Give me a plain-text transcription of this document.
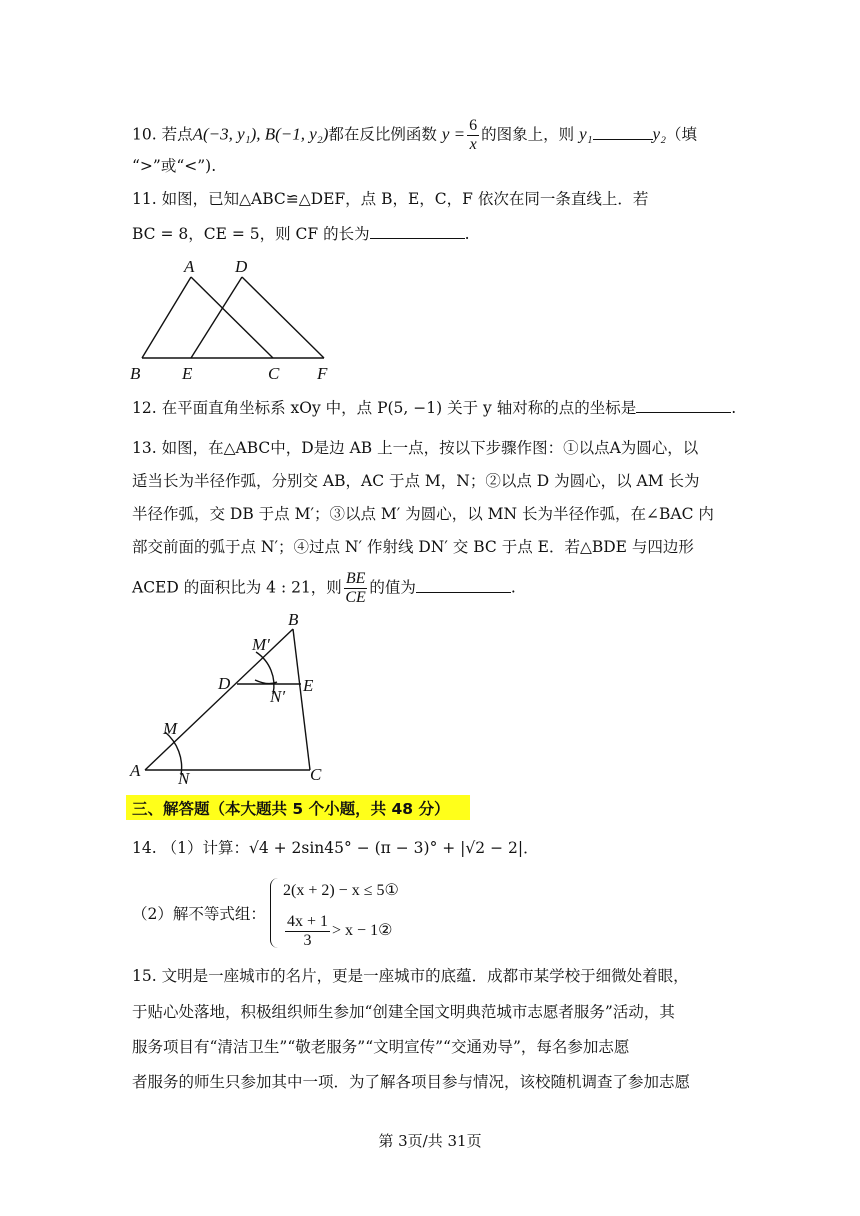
10. 若点A(−3, y₁), B(−1, y₂)都在反比例函数 $y = \frac{6}{x}$ 的图象上，则 y₁	y₂（填
“>”或“<”).
11. 如图，已知△ABC≌△DEF，点 B，E，C，F 依次在同一条直线上．若
BC = 8，CE = 5，则 CF 的长为	.
A D
B E	C F
12. 在平面直角坐标系 xOy 中，点 P(5, −1) 关于 y 轴对称的点的坐标是	.
13. 如图，在△ABC中，D是边 AB 上一点，按以下步骤作图：①以点A为圆心，以
适当长为半径作弧，分别交 AB，AC 于点 M，N；②以点 D 为圆心，以 AM 长为
半径作弧，交 DB 于点 M′；③以点 M′ 为圆心，以 MN 长为半径作弧，在∠BAC 内
部交前面的弧于点 N′；④过点 N′ 作射线 DN′ 交 BC 于点 E．若△BDE 与四边形
ACED 的面积比为 4 : 21，则 $\frac{BE}{CE}$ 的值为	.
B
M′
D
N′
E
M
A N	C
三、解答题（本大题共 5 个小题，共 48 分）
14. （1）计算：√4 + 2sin45° − (π − 3)° + |√2 − 2|．
（2）解不等式组：
2(x + 2) − x ≤ 5①
$\frac{4x + 1}{3} > x$ − 1②
15. 文明是一座城市的名片，更是一座城市的底蕴．成都市某学校于细微处着眼，
于贴心处落地，积极组织师生参加“创建全国文明典范城市志愿者服务”活动，其
服务项目有“清洁卫生”“敬老服务”“文明宣传”“交通劝导”，每名参加志愿
者服务的师生只参加其中一项．为了解各项目参与情况，该校随机调查了参加志愿
第 3页/共 31页
